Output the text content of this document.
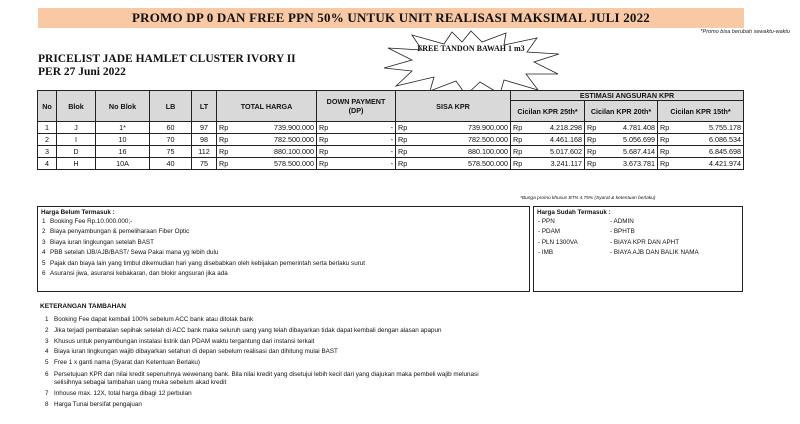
PROMO DP 0 DAN FREE PPN 50% UNTUK UNIT REALISASI MAKSIMAL JULI 2022
*Promo bisa berubah sewaktu-waktu
PRICELIST JADE HAMLET CLUSTER IVORY II
PER 27 Juni 2022
FREE TANDON BAWAH 1 m3
No	Blok	No Blok	LB	LT	TOTAL HARGA		DOWN PAYMENT (DP)		SISA KPR		ESTIMASI ANGSURAN KPR					
											Cicilan KPR 25th*		Cicilan KPR 20th*		Cicilan KPR 15th*	
1	J	1*	60	97	Rp	739.900.000	Rp	-	Rp	739.900.000	Rp	4.218.298	Rp	4.781.408	Rp	5.755.178
2	I	10	70	98	Rp	782.500.000	Rp	-	Rp	782.500.000	Rp	4.461.168	Rp	5.056.699	Rp	6.086.534
3	D	16	75	112	Rp	880.100.000	Rp	-	Rp	880.100.000	Rp	5.017.602	Rp	5.687.414	Rp	6.845.698
4	H	10A	40	75	Rp	578.500.000	Rp	-	Rp	578.500.000	Rp	3.241.117	Rp	3.673.781	Rp	4.421.974
*Bunga promo khusus BTN 4,75% (Syarat & ketentuan berlaku)
Harga Belum Termasuk :
1 Booking Fee Rp.10.000.000;-
2 Biaya penyambungan & pemeliharaan Fiber Optic
3 Biaya iuran lingkungan setelah BAST
4 PBB setelah IJB/AJB/BAST/ Sewa Pakai mana yg lebih dulu
5 Pajak dan biaya lain yang timbul dikemudian hari yang disebabkan oleh kebijakan pemerintah serta berlaku surut
6 Asuransi jiwa, asuransi kebakaran, dan blokir angsuran jika ada
Harga Sudah Termasuk :
- PPN	- ADMIN
- PDAM	- BPHTB
- PLN 1300VA	- BIAYA KPR DAN APHT
- IMB	- BIAYA AJB DAN BALIK NAMA
KETERANGAN TAMBAHAN
1 Booking Fee dapat kembali 100% sebelum ACC bank atau ditolak bank
2 Jika terjadi pembatalan sepihak setelah di ACC bank maka seluruh uang yang telah dibayarkan tidak dapat kembali dengan alasan apapun
3 Khusus untuk penyambungan instalasi listrik dan PDAM waktu tergantung dari instansi terkait
4 Biaya iuran lingkungan wajib dibayarkan setahun di depan sebelum realisasi dan dihitung mulai BAST
5 Free 1 x ganti nama (Syarat dan Ketentuan Berlaku)
6 Persetujuan KPR dan nilai kredit sepenuhnya wewenang bank. Bila nilai kredit yang disetujui lebih kecil dari yang diajukan maka pembeli wajib melunasi selisihnya sebagai tambahan uang muka sebelum akad kredit
7 Inhouse max. 12X, total harga dibagi 12 perbulan
8 Harga Tunai bersifat pengajuan
